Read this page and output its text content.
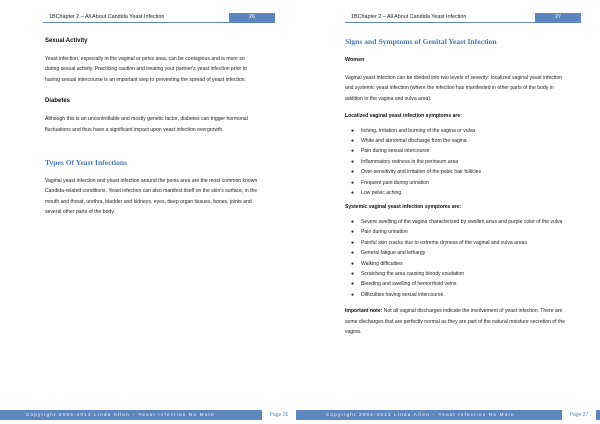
1BChapter 2 – All About Candida Yeast Infection	26
Sexual Activity

Yeast infection, especially in the vaginal or penis area, can be contagious and is more so during sexual activity. Practicing caution and treating your partner's yeast infection prior to having sexual intercourse is an important step to preventing the spread of yeast infection.

Diabetes

Although this is an uncontrollable and mostly genetic factor, diabetes can trigger hormonal fluctuations and thus have a significant impact upon yeast infection overgrowth.

Types Of Yeast Infections

Vaginal yeast infection and yeast infection around the penis area are the most common known Candida-related conditions. Yeast infection can also manifest itself on the skin's surface, in the mouth and throat, urethra, bladder and kidneys, eyes, deep organ tissues, bones, joints and several other parts of the body.

Copyright 2004-2013 Linda Allen – Yeast Infection No More	Page 26
1BChapter 2 – All About Candida Yeast Infection	27
Signs and Symptoms of Genital Yeast Infection
Women

Vaginal yeast infection can be divided into two levels of severity: localized vaginal yeast infection and systemic yeast infection (where the infection has manifested in other parts of the body in addition to the vagina and vulva area).

Localized vaginal yeast infection symptoms are:

● Itching, irritation and burning of the vagina or vulva
● White and abnormal discharge from the vagina
● Pain during sexual intercourse
● Inflammatory redness in the perineum area
● Over-sensitivity and irritation of the pubic hair follicles
● Frequent pain during urination
● Low pelvic aching.

Systemic vaginal yeast infection symptoms are:

● Severe swelling of the vagina characterized by swollen anus and purple color of the vulva
● Pain during urination
● Painful skin cracks due to extreme dryness of the vaginal and vulva areas
● General fatigue and lethargy
● Walking difficulties
● Scratching the area causing bloody exudation
● Bleeding and swelling of hemorrhoid veins
● Difficulties having sexual intercourse.

Important note: Not all vaginal discharges indicate the involvement of yeast infection. There are some discharges that are perfectly normal as they are part of the natural moisture secretion of the vagina.

Copyright 2004-2013 Linda Allen – Yeast Infection No More	Page 27
